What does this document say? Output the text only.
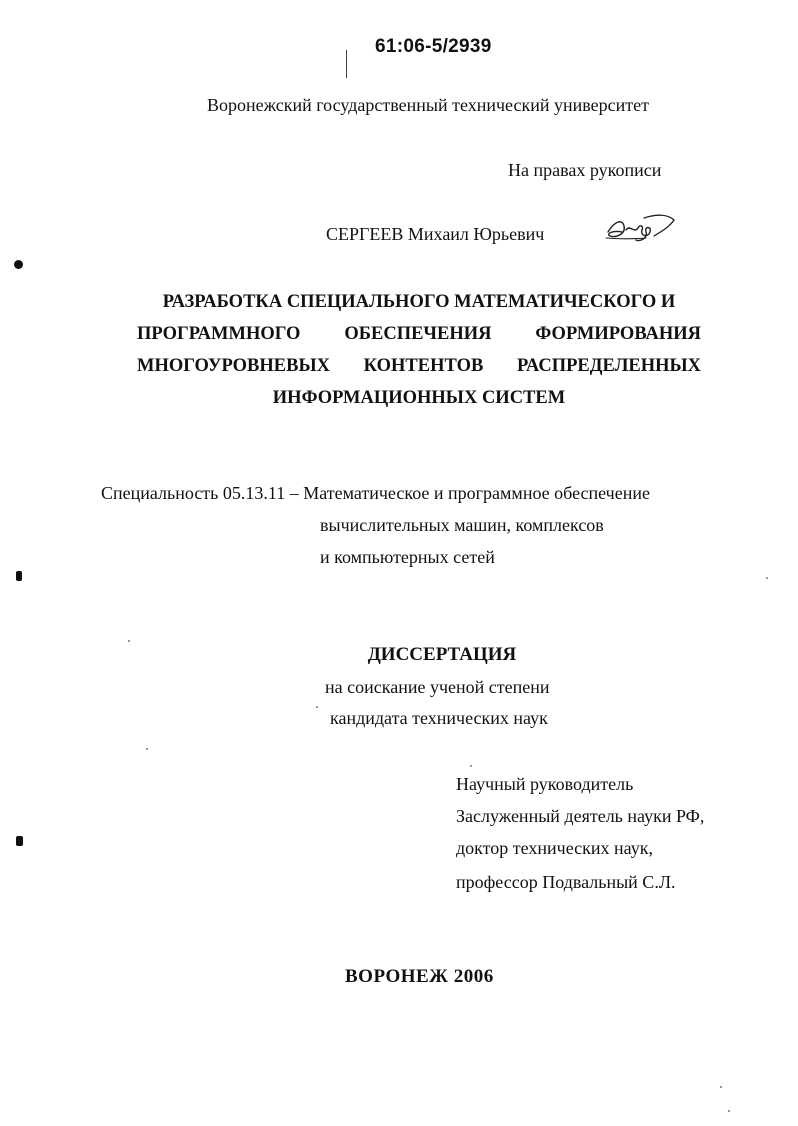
61:06-5/2939
Воронежский государственный технический университет
На правах рукописи
СЕРГЕЕВ Михаил Юрьевич
РАЗРАБОТКА СПЕЦИАЛЬНОГО МАТЕМАТИЧЕСКОГО И
ПРОГРАММНОГО ОБЕСПЕЧЕНИЯ ФОРМИРОВАНИЯ
МНОГОУРОВНЕВЫХ КОНТЕНТОВ РАСПРЕДЕЛЕННЫХ
ИНФОРМАЦИОННЫХ СИСТЕМ
Специальность 05.13.11 – Математическое и программное обеспечение
вычислительных машин, комплексов
и компьютерных сетей
ДИССЕРТАЦИЯ
на соискание ученой степени
кандидата технических наук
Научный руководитель
Заслуженный деятель науки РФ,
доктор технических наук,
профессор Подвальный С.Л.
ВОРОНЕЖ 2006
